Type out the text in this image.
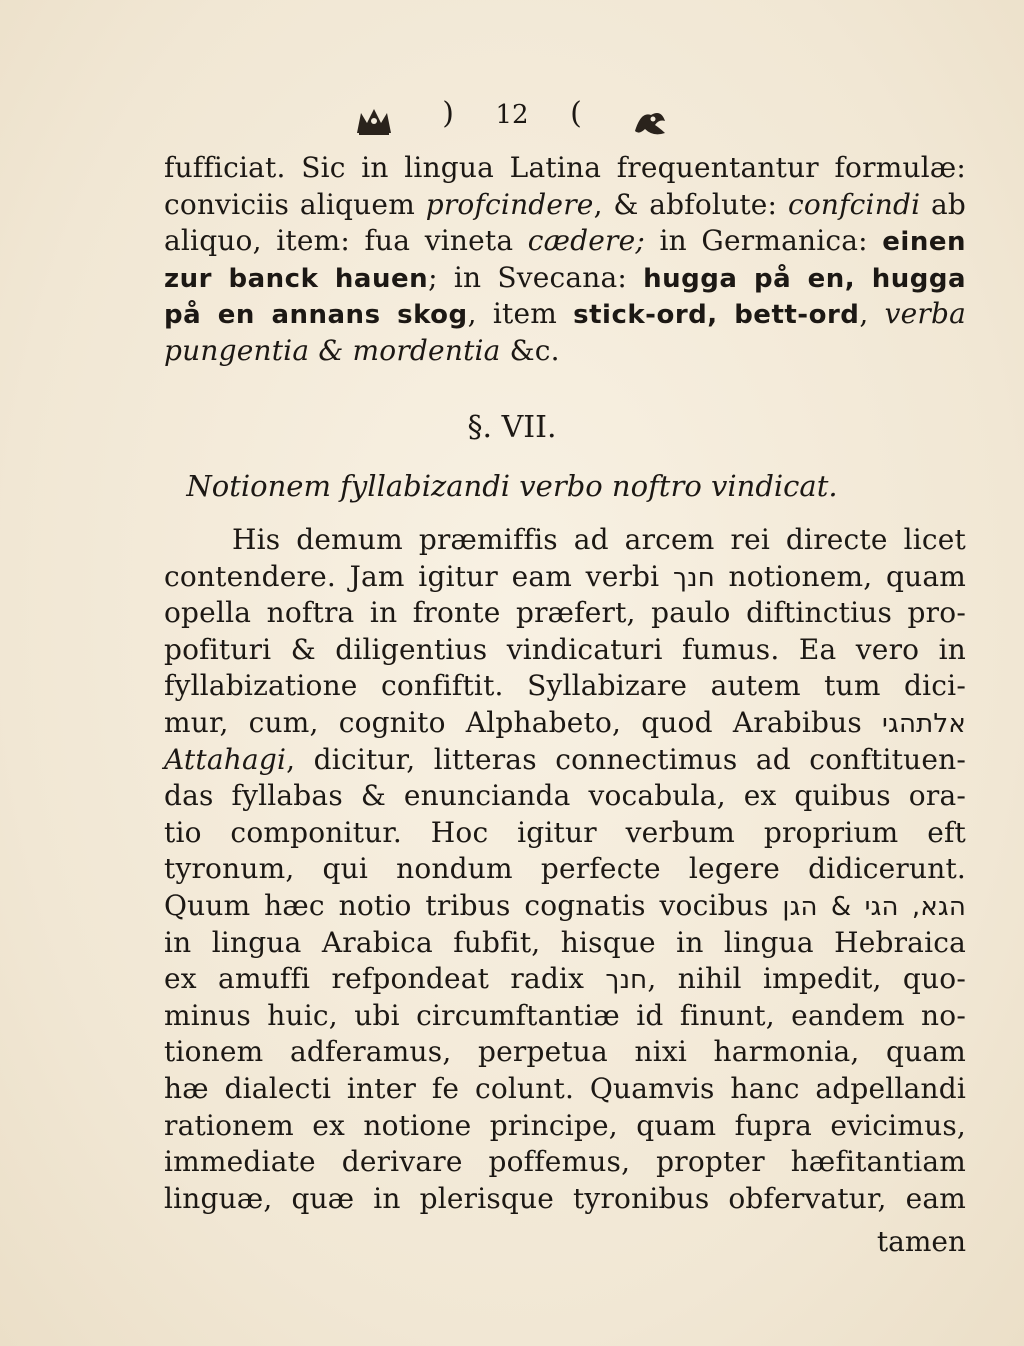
) 12 (
fufficiat. Sic in lingua Latina frequentantur formulæ:
conviciis aliquem profcindere, & abfolute: confcindi ab
aliquo, item: fua vineta cædere; in Germanica: einen
zur banck hauen; in Svecana: hugga på en, hugga
på en annans skog, item stick-ord, bett-ord, verba
pungentia & mordentia &c.
§. VII.
Notionem fyllabizandi verbo noftro vindicat.
His demum præmiffis ad arcem rei directe licet
contendere. Jam igitur eam verbi חנך notionem, quam
opella noftra in fronte præfert, paulo diftinctius pro-
pofituri & diligentius vindicaturi fumus. Ea vero in
fyllabizatione confiftit. Syllabizare autem tum dici-
mur, cum, cognito Alphabeto, quod Arabibus אלתהגי
Attahagi, dicitur, litteras connectimus ad conftituen-
das fyllabas & enuncianda vocabula, ex quibus ora-
tio componitur. Hoc igitur verbum proprium eft
tyronum, qui nondum perfecte legere didicerunt.
Quum hæc notio tribus cognatis vocibus הגא, הגי & הגן
in lingua Arabica fubfit, hisque in lingua Hebraica
ex amuffi refpondeat radix חנך, nihil impedit, quo-
minus huic, ubi circumftantiæ id finunt, eandem no-
tionem adferamus, perpetua nixi harmonia, quam
hæ dialecti inter fe colunt. Quamvis hanc adpellandi
rationem ex notione principe, quam fupra evicimus,
immediate derivare poffemus, propter hæfitantiam
linguæ, quæ in plerisque tyronibus obfervatur, eam
tamen
